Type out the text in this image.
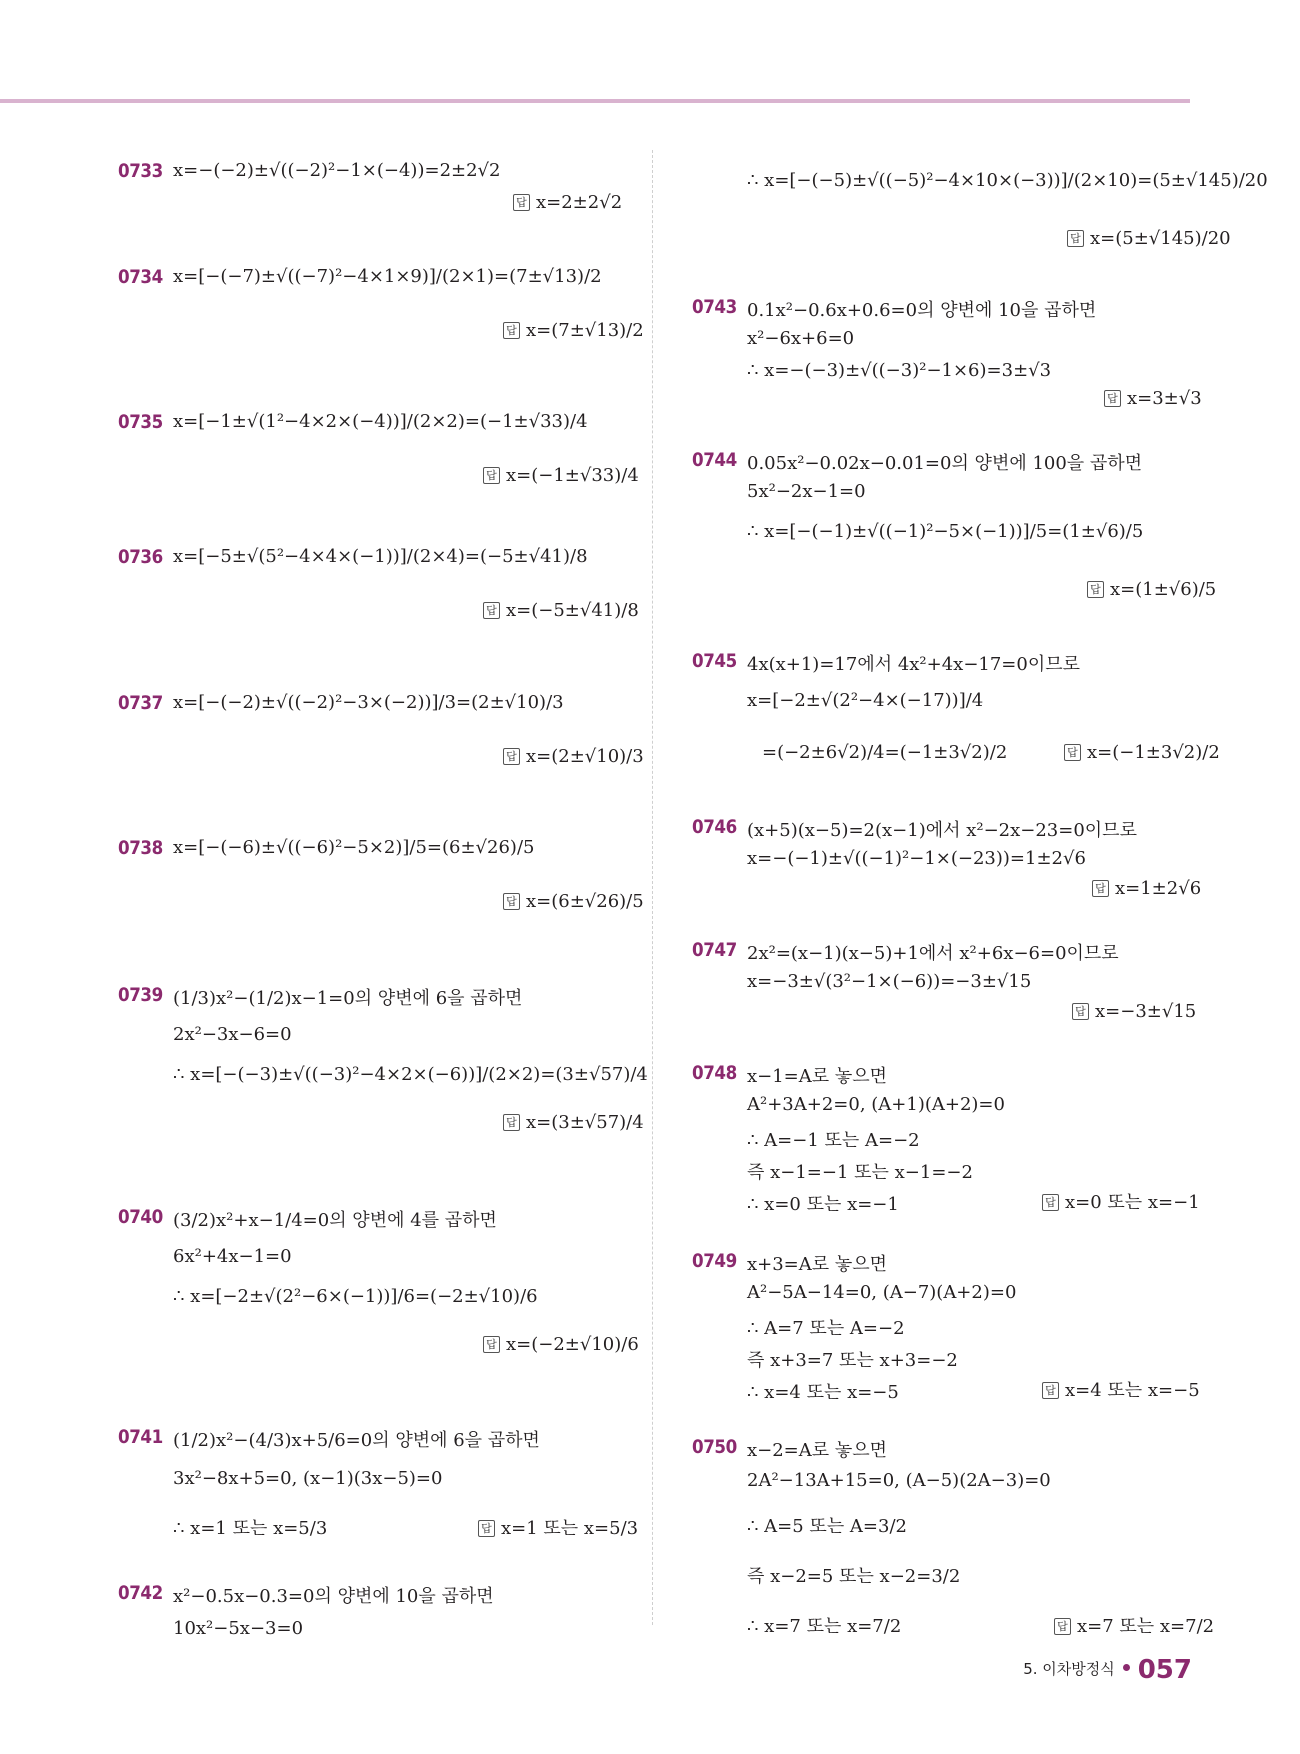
0733 x=−(−2)±√((−2)²−1×(−4))=2±2√2
답 x=2±2√2
0734 x=[−(−7)±√((−7)²−4×1×9)]/(2×1)=(7±√13)/2
답 x=(7±√13)/2
0735 x=[−1±√(1²−4×2×(−4))]/(2×2)=(−1±√33)/4
답 x=(−1±√33)/4
0736 x=[−5±√(5²−4×4×(−1))]/(2×4)=(−5±√41)/8
답 x=(−5±√41)/8
0737 x=[−(−2)±√((−2)²−3×(−2))]/3=(2±√10)/3
답 x=(2±√10)/3
0738 x=[−(−6)±√((−6)²−5×2)]/5=(6±√26)/5
답 x=(6±√26)/5
0739 (1/3)x²−(1/2)x−1=0의 양변에 6을 곱하면
2x²−3x−6=0
∴ x=[−(−3)±√((−3)²−4×2×(−6))]/(2×2)=(3±√57)/4
답 x=(3±√57)/4
0740 (3/2)x²+x−1/4=0의 양변에 4를 곱하면
6x²+4x−1=0
∴ x=[−2±√(2²−6×(−1))]/6=(−2±√10)/6
답 x=(−2±√10)/6
0741 (1/2)x²−(4/3)x+5/6=0의 양변에 6을 곱하면
3x²−8x+5=0, (x−1)(3x−5)=0
∴ x=1 또는 x=5/3	답 x=1 또는 x=5/3
0742 x²−0.5x−0.3=0의 양변에 10을 곱하면
10x²−5x−3=0
∴ x=[−(−5)±√((−5)²−4×10×(−3))]/(2×10)=(5±√145)/20
답 x=(5±√145)/20
0743 0.1x²−0.6x+0.6=0의 양변에 10을 곱하면
x²−6x+6=0
∴ x=−(−3)±√((−3)²−1×6)=3±√3
답 x=3±√3
0744 0.05x²−0.02x−0.01=0의 양변에 100을 곱하면
5x²−2x−1=0
∴ x=[−(−1)±√((−1)²−5×(−1))]/5=(1±√6)/5
답 x=(1±√6)/5
0745 4x(x+1)=17에서 4x²+4x−17=0이므로
x=[−2±√(2²−4×(−17))]/4
=(−2±6√2)/4=(−1±3√2)/2	답 x=(−1±3√2)/2
0746 (x+5)(x−5)=2(x−1)에서 x²−2x−23=0이므로
x=−(−1)±√((−1)²−1×(−23))=1±2√6
답 x=1±2√6
0747 2x²=(x−1)(x−5)+1에서 x²+6x−6=0이므로
x=−3±√(3²−1×(−6))=−3±√15
답 x=−3±√15
0748 x−1=A로 놓으면
A²+3A+2=0, (A+1)(A+2)=0
∴ A=−1 또는 A=−2
즉 x−1=−1 또는 x−1=−2
∴ x=0 또는 x=−1	답 x=0 또는 x=−1
0749 x+3=A로 놓으면
A²−5A−14=0, (A−7)(A+2)=0
∴ A=7 또는 A=−2
즉 x+3=7 또는 x+3=−2
∴ x=4 또는 x=−5	답 x=4 또는 x=−5
0750 x−2=A로 놓으면
2A²−13A+15=0, (A−5)(2A−3)=0
∴ A=5 또는 A=3/2
즉 x−2=5 또는 x−2=3/2
∴ x=7 또는 x=7/2	답 x=7 또는 x=7/2
5. 이차방정식 057
